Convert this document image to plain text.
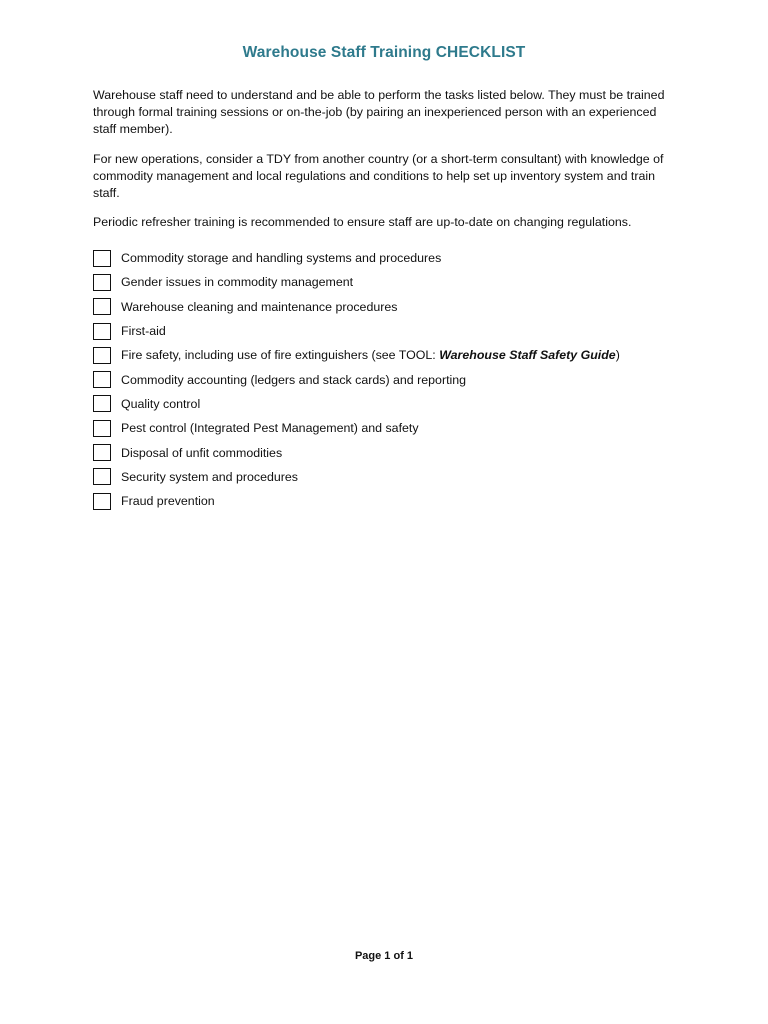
Warehouse Staff Training CHECKLIST
Warehouse staff need to understand and be able to perform the tasks listed below. They must be trained through formal training sessions or on-the-job (by pairing an inexperienced person with an experienced staff member).
For new operations, consider a TDY from another country (or a short-term consultant) with knowledge of commodity management and local regulations and conditions to help set up inventory system and train staff.
Periodic refresher training is recommended to ensure staff are up-to-date on changing regulations.
Commodity storage and handling systems and procedures
Gender issues in commodity management
Warehouse cleaning and maintenance procedures
First-aid
Fire safety, including use of fire extinguishers (see TOOL: Warehouse Staff Safety Guide)
Commodity accounting (ledgers and stack cards) and reporting
Quality control
Pest control (Integrated Pest Management) and safety
Disposal of unfit commodities
Security system and procedures
Fraud prevention
Page 1 of 1
